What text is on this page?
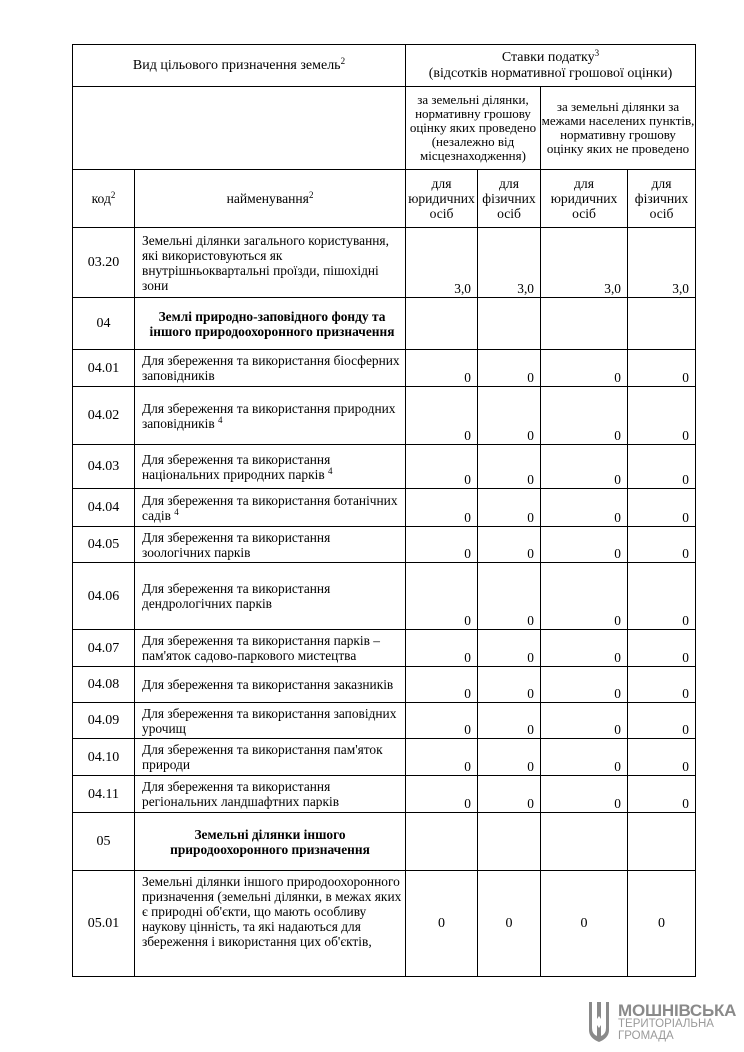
Вид цільового призначення земель$^2$		Ставки податку$^3$
(відсотків нормативної грошової оцінки)			
		за земельні ділянки, нормативну грошову оцінку яких проведено (незалежно від місцезнаходження)		за земельні ділянки за межами населених пунктів, нормативну грошову оцінку яких не проведено	
код$^2$	найменування$^2$	для юридичних осіб	для фізичних осіб	для юридичних осіб	для фізичних осіб
03.20	Земельні ділянки загального користування, які використовуються як внутрішньоквартальні проїзди, пішохідні зони	3,0	3,0	3,0	3,0
04	Землі природно-заповідного фонду та іншого природоохоронного призначення				
04.01	Для збереження та використання біосферних заповідників	0	0	0	0
04.02	Для збереження та використання природних заповідників $^4$	0	0	0	0
04.03	Для збереження та використання національних природних парків $^4$	0	0	0	0
04.04	Для збереження та використання ботанічних садів $^4$	0	0	0	0
04.05	Для збереження та використання зоологічних парків	0	0	0	0
04.06	Для збереження та використання дендрологічних парків	0	0	0	0
04.07	Для збереження та використання парків – пам'яток садово-паркового мистецтва	0	0	0	0
04.08	Для збереження та використання заказників	0	0	0	0
04.09	Для збереження та використання заповідних урочищ	0	0	0	0
04.10	Для збереження та використання пам'яток природи	0	0	0	0
04.11	Для збереження та використання регіональних ландшафтних парків	0	0	0	0
05	Земельні ділянки іншого природоохоронного призначення				
05.01	Земельні ділянки іншого природоохоронного призначення (земельні ділянки, в межах яких є природні об'єкти, що мають особливу наукову цінність, та які надаються для збереження і використання цих об'єктів,	0	0	0	0
МОШНІВСЬКА
ТЕРИТОРІАЛЬНА
ГРОМАДА
